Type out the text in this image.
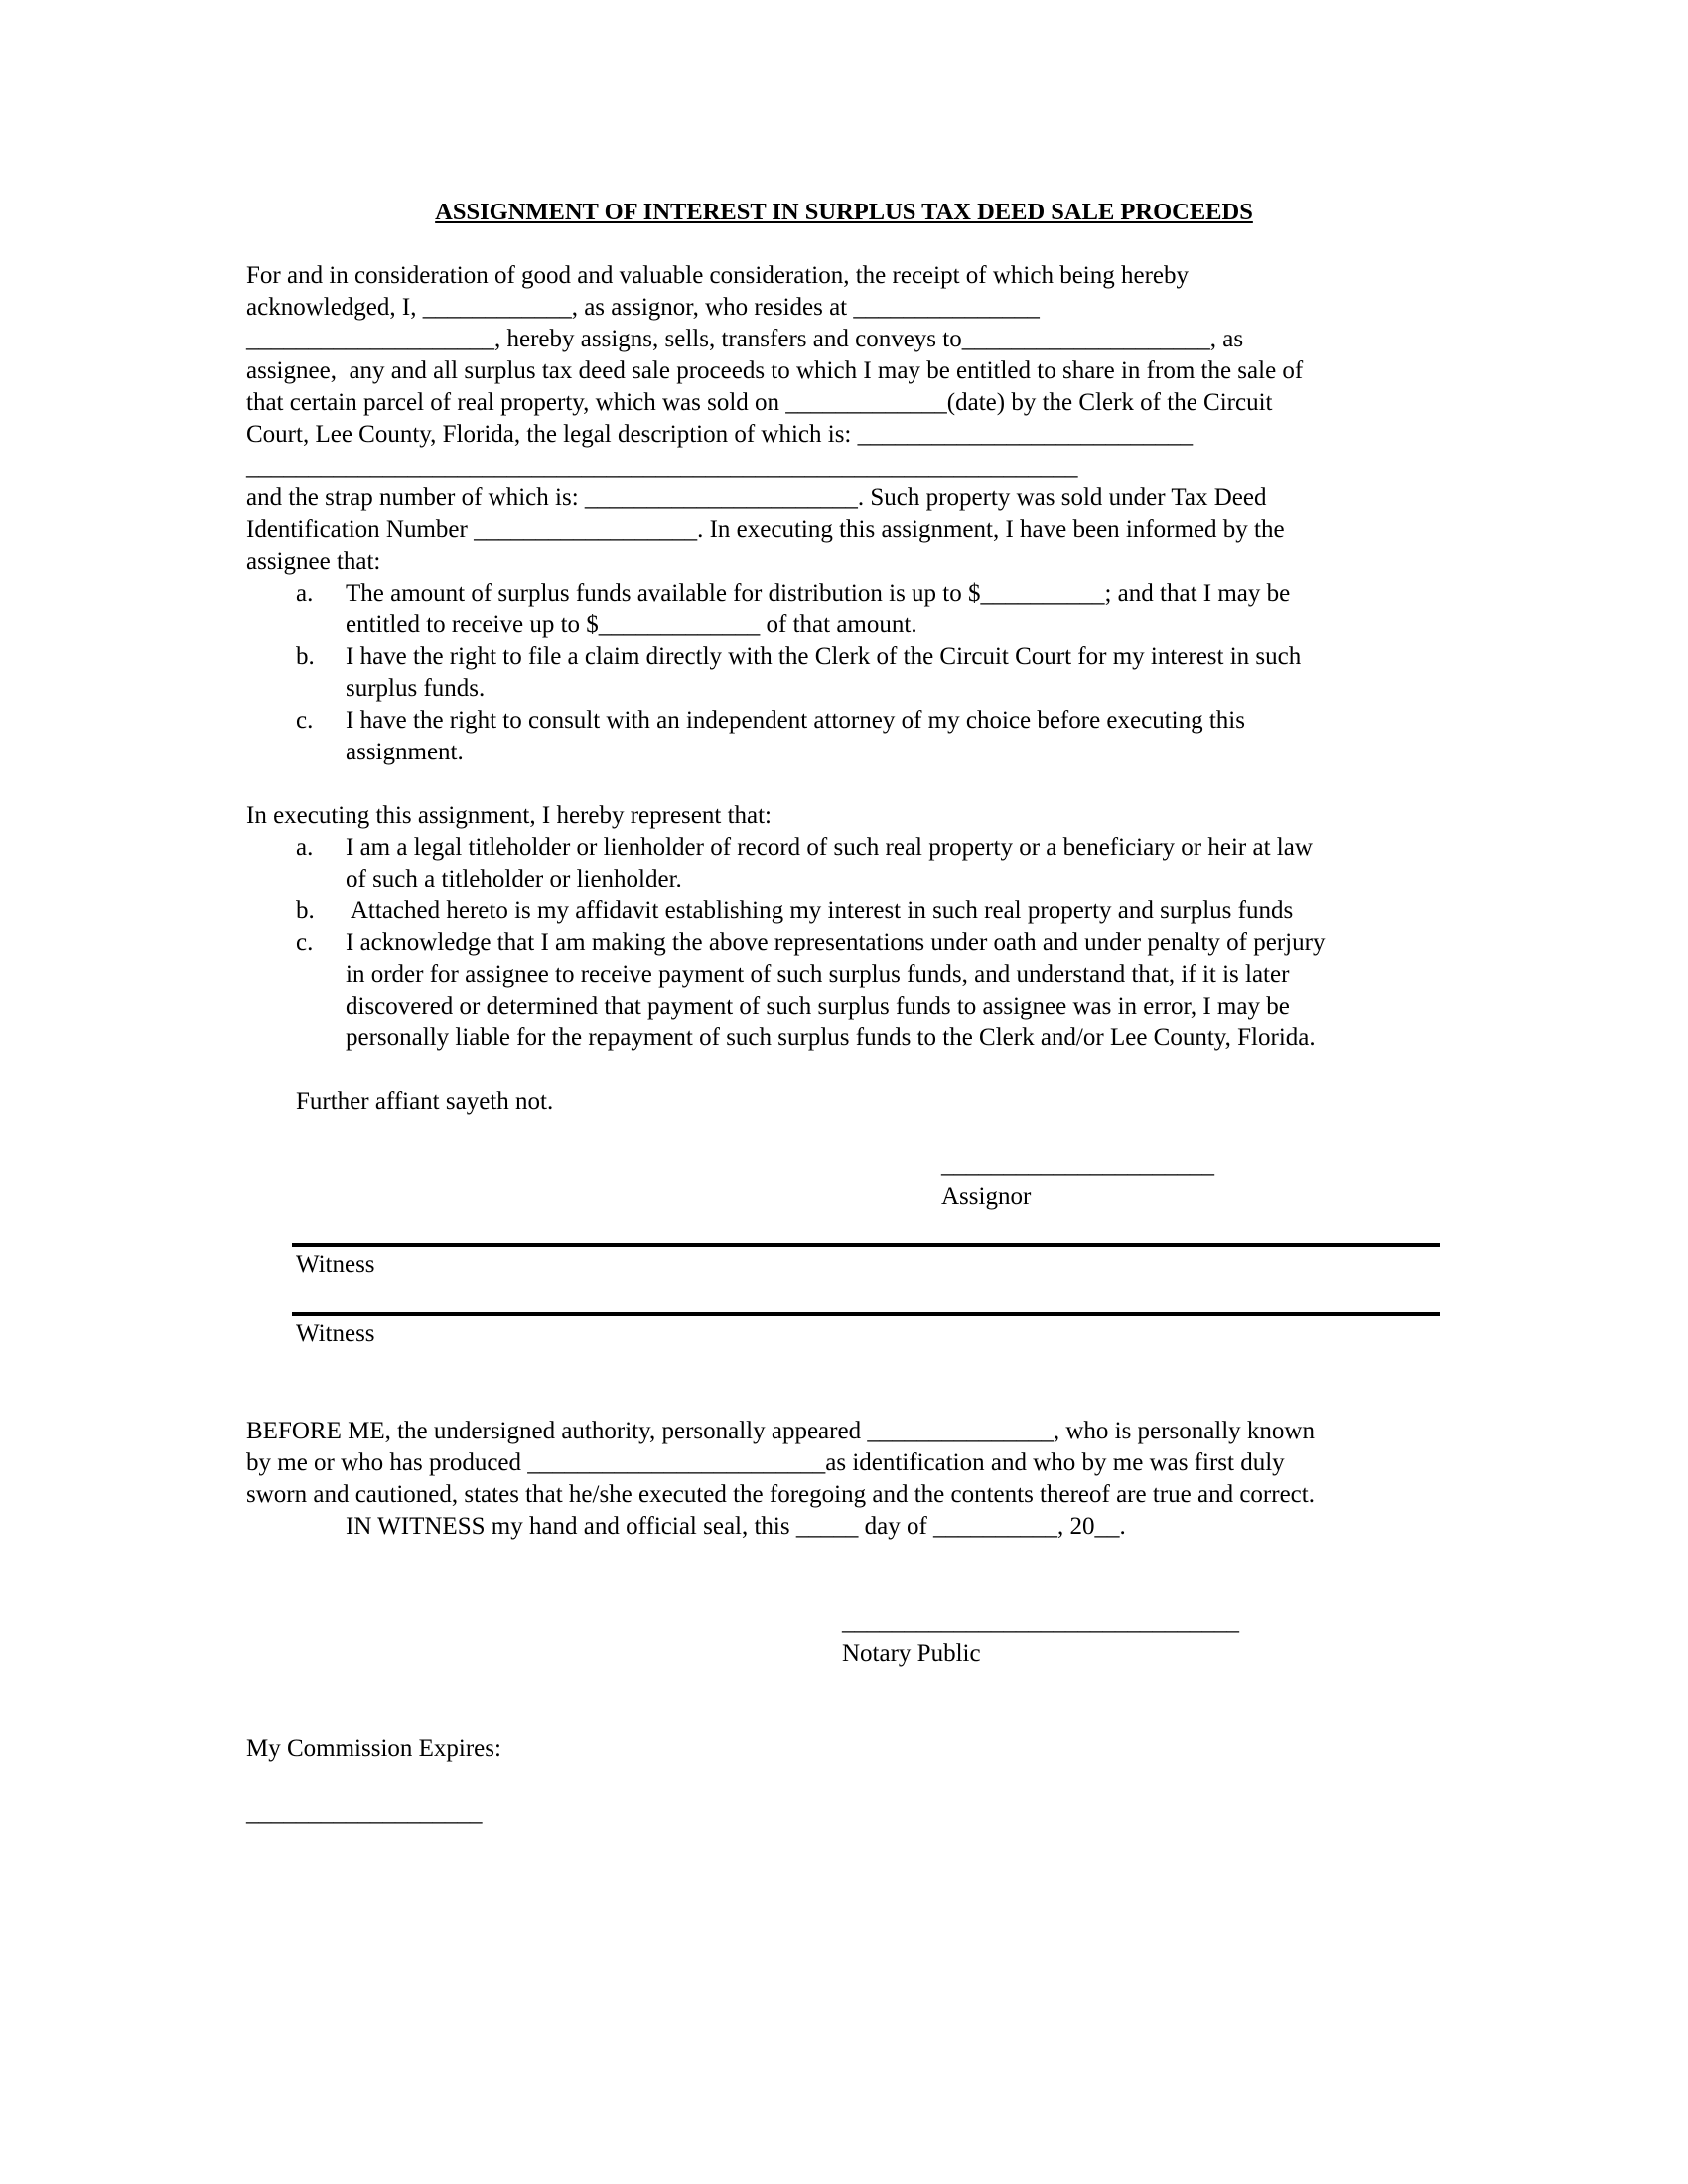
ASSIGNMENT OF INTEREST IN SURPLUS TAX DEED SALE PROCEEDS
For and in consideration of good and valuable consideration, the receipt of which being hereby
acknowledged, I, ____________, as assignor, who resides at _______________
____________________, hereby assigns, sells, transfers and conveys to____________________, as
assignee,  any and all surplus tax deed sale proceeds to which I may be entitled to share in from the sale of
that certain parcel of real property, which was sold on _____________(date) by the Clerk of the Circuit
Court, Lee County, Florida, the legal description of which is: ___________________________
___________________________________________________________________
and the strap number of which is: ______________________. Such property was sold under Tax Deed
Identification Number __________________. In executing this assignment, I have been informed by the
assignee that:
a. The amount of surplus funds available for distribution is up to $__________; and that I may be
entitled to receive up to $_____________ of that amount.
b. I have the right to file a claim directly with the Clerk of the Circuit Court for my interest in such
surplus funds.
c. I have the right to consult with an independent attorney of my choice before executing this
assignment.
In executing this assignment, I hereby represent that:
a. I am a legal titleholder or lienholder of record of such real property or a beneficiary or heir at law
of such a titleholder or lienholder.
b. Attached hereto is my affidavit establishing my interest in such real property and surplus funds
c. I acknowledge that I am making the above representations under oath and under penalty of perjury
in order for assignee to receive payment of such surplus funds, and understand that, if it is later
discovered or determined that payment of such surplus funds to assignee was in error, I may be
personally liable for the repayment of such surplus funds to the Clerk and/or Lee County, Florida.
Further affiant sayeth not.
______________________
Assignor
Witness
Witness
BEFORE ME, the undersigned authority, personally appeared _______________, who is personally known
by me or who has produced ________________________as identification and who by me was first duly
sworn and cautioned, states that he/she executed the foregoing and the contents thereof are true and correct.
IN WITNESS my hand and official seal, this _____ day of __________, 20__.
________________________________
Notary Public
My Commission Expires:
___________________
